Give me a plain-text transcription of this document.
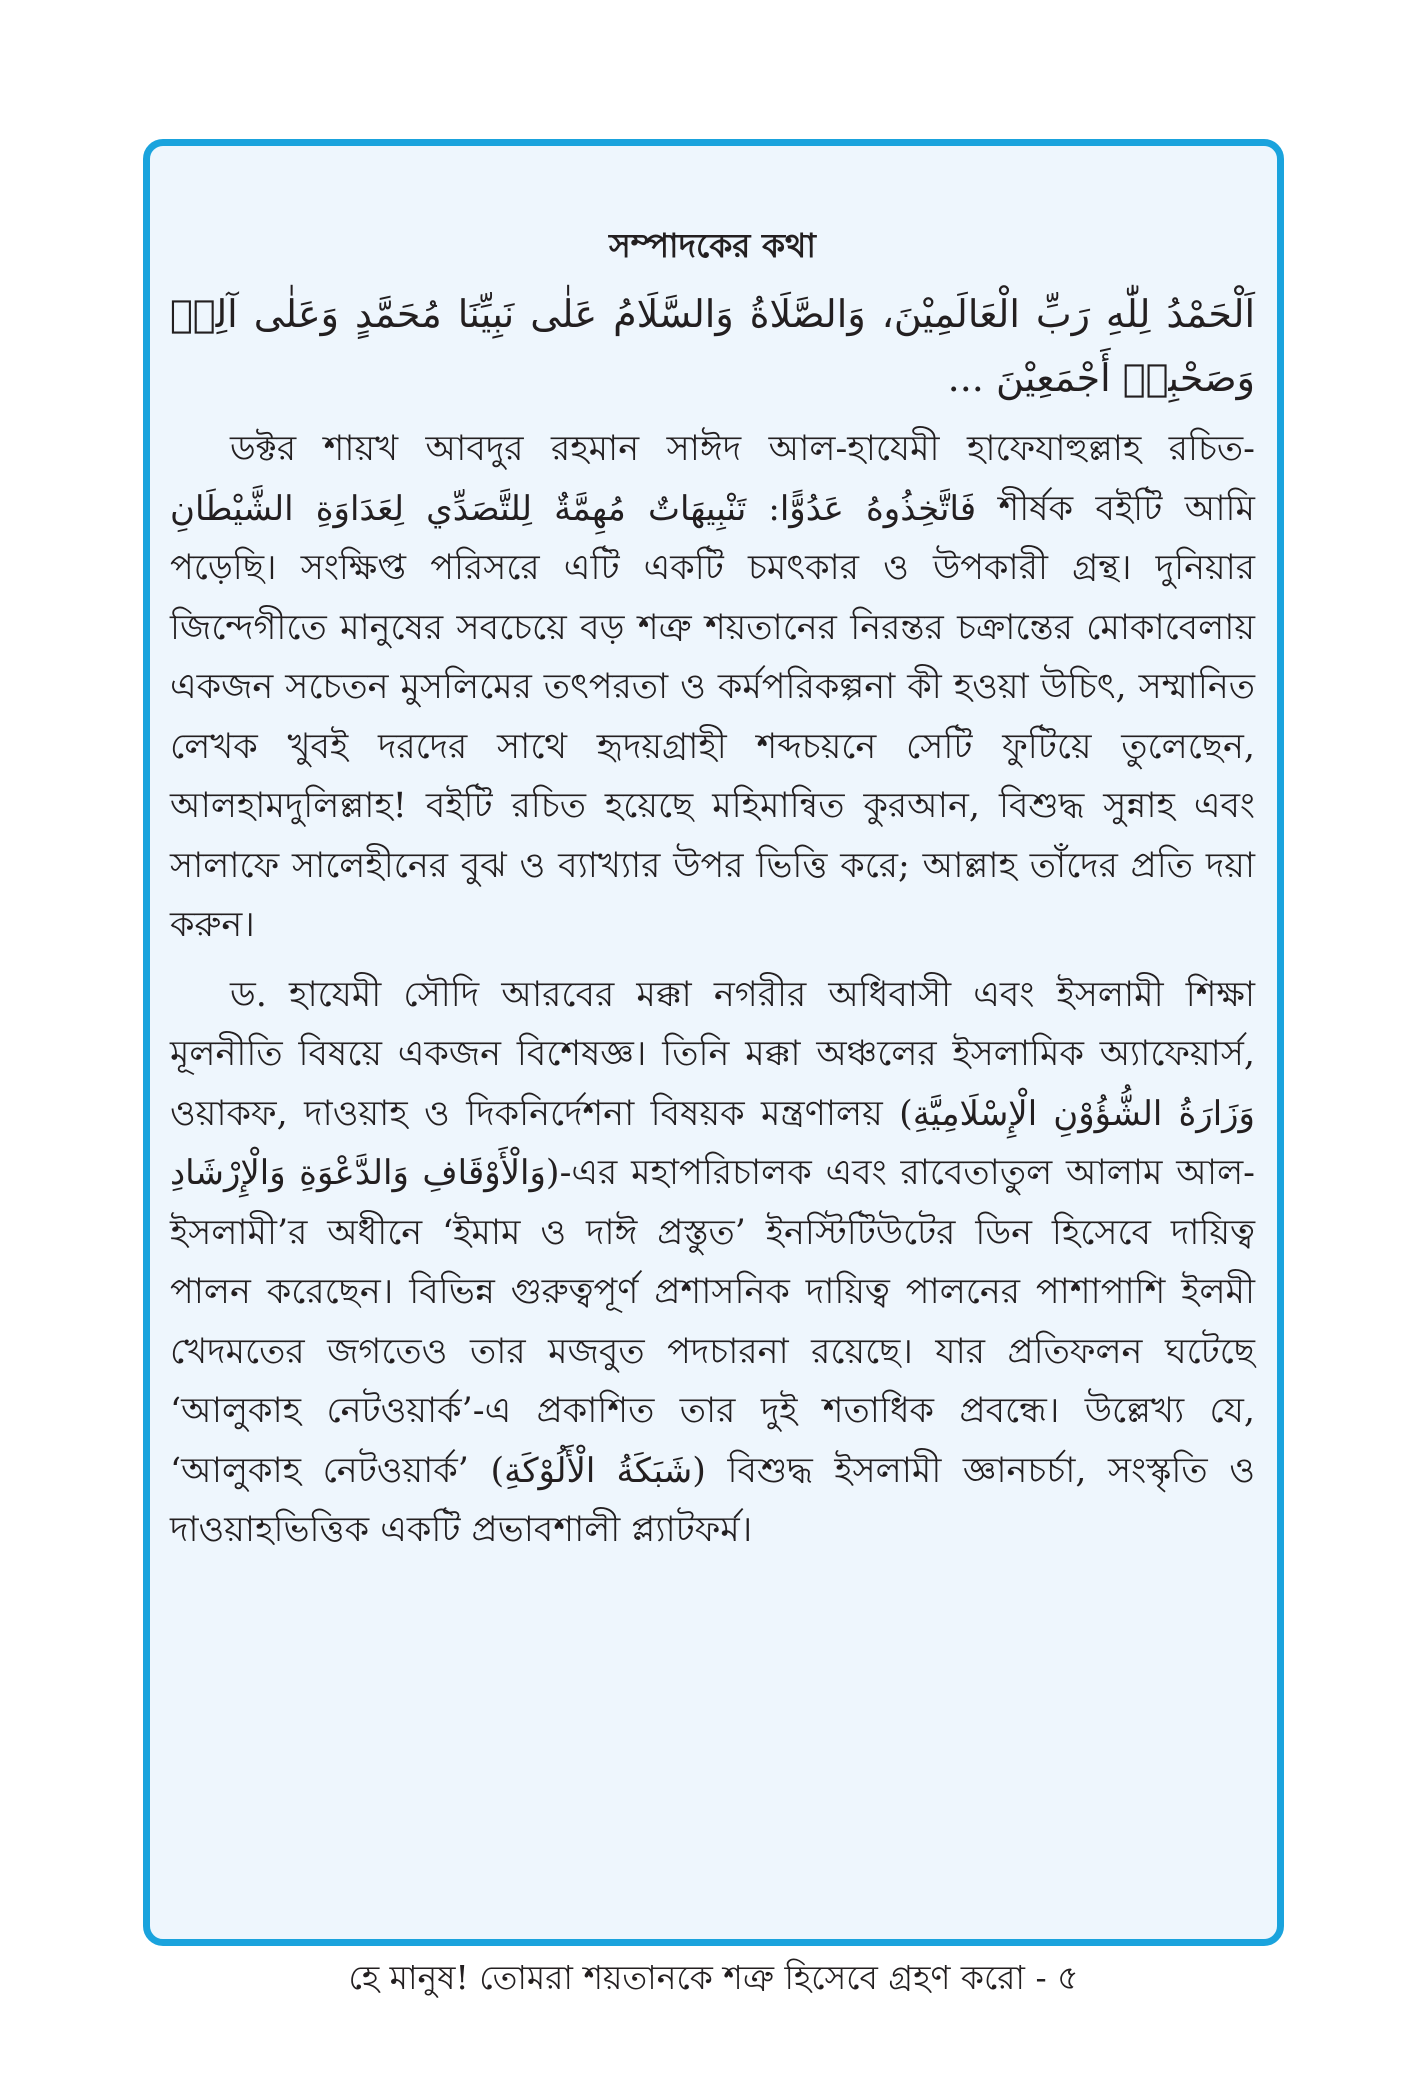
সম্পাদকের কথা
اَلْحَمْدُ لِلّٰهِ رَبِّ الْعَالَمِيْنَ، وَالصَّلَاةُ وَالسَّلَامُ عَلٰى نَبِيِّنَا مُحَمَّدٍ وَعَلٰى آلِهٖ وَصَحْبِهٖ أَجْمَعِيْنَ ...

ডক্টর শায়খ আবদুর রহমান সাঈদ আল-হাযেমী হাফেযাহুল্লাহ রচিত- فَاتَّخِذُوهُ عَدُوًّا: تَنْبِيهَاتٌ مُهِمَّةٌ لِلتَّصَدِّي لِعَدَاوَةِ الشَّيْطَانِ শীর্ষক বইটি আমি পড়েছি। সংক্ষিপ্ত পরিসরে এটি একটি চমৎকার ও উপকারী গ্রন্থ। দুনিয়ার জিন্দেগীতে মানুষের সবচেয়ে বড় শত্রু শয়তানের নিরন্তর চক্রান্তের মোকাবেলায় একজন সচেতন মুসলিমের তৎপরতা ও কর্মপরিকল্পনা কী হওয়া উচিৎ, সম্মানিত লেখক খুবই দরদের সাথে হৃদয়গ্রাহী শব্দচয়নে সেটি ফুটিয়ে তুলেছেন, আলহামদুলিল্লাহ! বইটি রচিত হয়েছে মহিমান্বিত কুরআন, বিশুদ্ধ সুন্নাহ এবং সালাফে সালেহীনের বুঝ ও ব্যাখ্যার উপর ভিত্তি করে; আল্লাহ তাঁদের প্রতি দয়া করুন।

ড. হাযেমী সৌদি আরবের মক্কা নগরীর অধিবাসী এবং ইসলামী শিক্ষা মূলনীতি বিষয়ে একজন বিশেষজ্ঞ। তিনি মক্কা অঞ্চলের ইসলামিক অ্যাফেয়ার্স, ওয়াকফ, দাওয়াহ ও দিকনির্দেশনা বিষয়ক মন্ত্রণালয় (وَزَارَةُ الشُّؤُوْنِ الْإِسْلَامِيَّةِ وَالْأَوْقَافِ وَالدَّعْوَةِ وَالْإِرْشَادِ)-এর মহাপরিচালক এবং রাবেতাতুল আলাম আল-ইসলামী’র অধীনে ‘ইমাম ও দাঈ প্রস্তুত’ ইনস্টিটিউটের ডিন হিসেবে দায়িত্ব পালন করেছেন। বিভিন্ন গুরুত্বপূর্ণ প্রশাসনিক দায়িত্ব পালনের পাশাপাশি ইলমী খেদমতের জগতেও তার মজবুত পদচারনা রয়েছে। যার প্রতিফলন ঘটেছে ‘আলুকাহ নেটওয়ার্ক’-এ প্রকাশিত তার দুই শতাধিক প্রবন্ধে। উল্লেখ্য যে, ‘আলুকাহ নেটওয়ার্ক’ (شَبَكَةُ الْأَلُوْكَةِ) বিশুদ্ধ ইসলামী জ্ঞানচর্চা, সংস্কৃতি ও দাওয়াহভিত্তিক একটি প্রভাবশালী প্ল্যাটফর্ম।

হে মানুষ! তোমরা শয়তানকে শত্রু হিসেবে গ্রহণ করো - ৫
